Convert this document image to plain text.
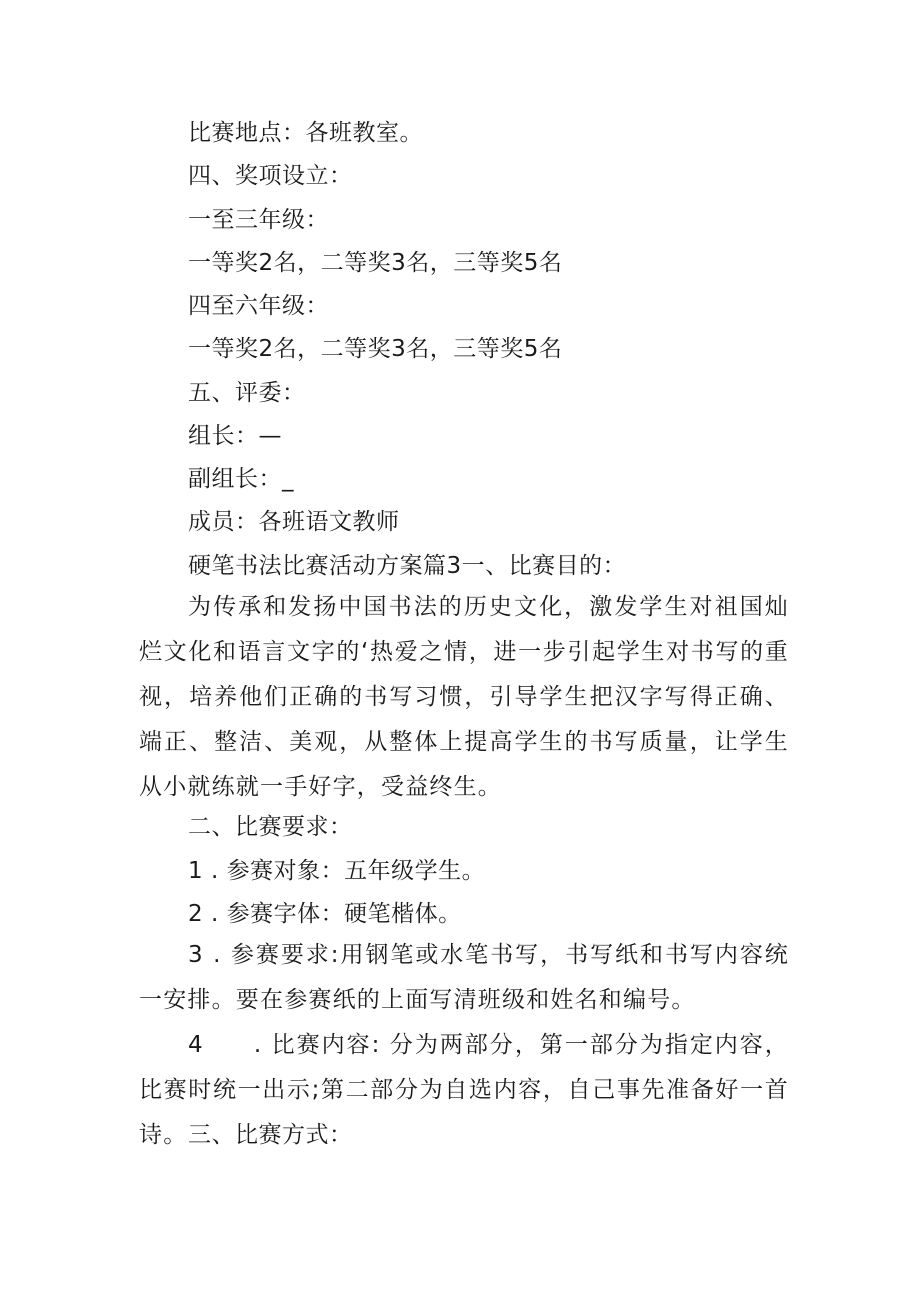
比赛地点：各班教室。
四、奖项设立：
一至三年级：
一等奖2名，二等奖3名，三等奖5名
四至六年级：
一等奖2名，二等奖3名，三等奖5名
五、评委：
组长：—
副组长：_
成员：各班语文教师
硬笔书法比赛活动方案篇3一、比赛目的：
为传承和发扬中国书法的历史文化，激发学生对祖国灿烂文化和语言文字的‘热爱之情，进一步引起学生对书写的重视，培养他们正确的书写习惯，引导学生把汉字写得正确、端正、整洁、美观，从整体上提高学生的书写质量，让学生从小就练就一手好字，受益终生。
二、比赛要求：
1 . 参赛对象：五年级学生。
2 . 参赛字体：硬笔楷体。
3 . 参赛要求:用钢笔或水笔书写，书写纸和书写内容统一安排。要在参赛纸的上面写清班级和姓名和编号。
4 . 比赛内容: 分为两部分，第一部分为指定内容，比赛时统一出示;第二部分为自选内容，自己事先准备好一首诗。 三、比赛方式：
